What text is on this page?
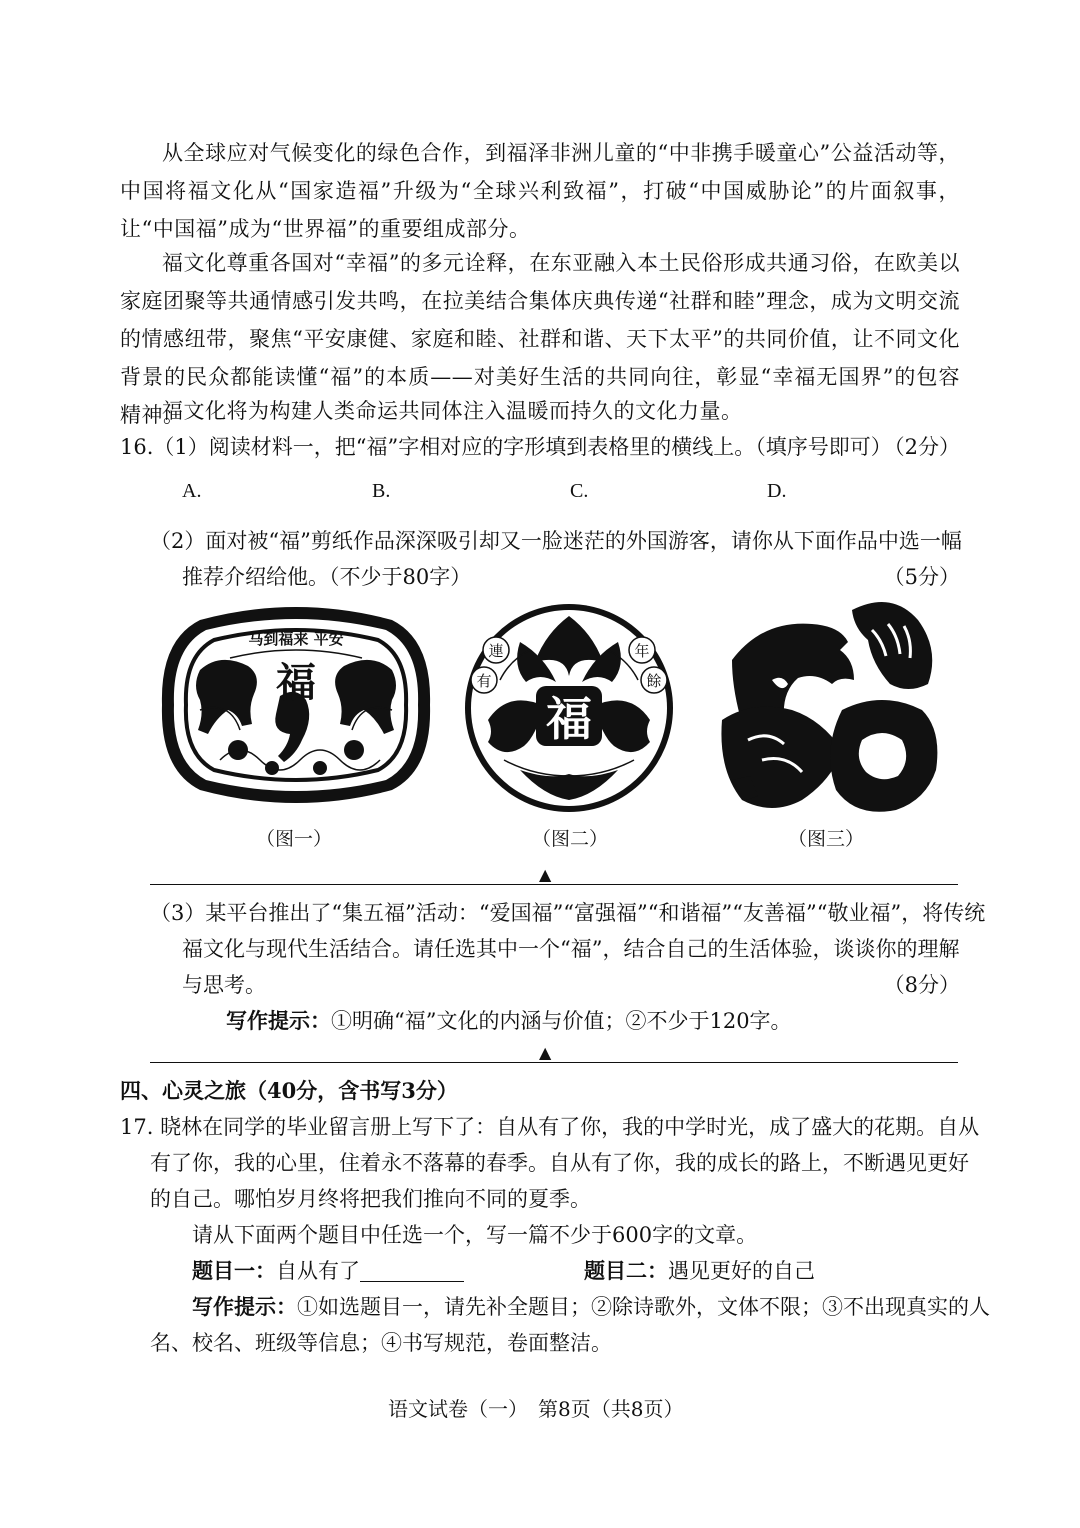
从全球应对气候变化的绿色合作，到福泽非洲儿童的“中非携手暖童心”公益活动等，中国将福文化从“国家造福”升级为“全球兴利致福”，打破“中国威胁论”的片面叙事，让“中国福”成为“世界福”的重要组成部分。
福文化尊重各国对“幸福”的多元诠释，在东亚融入本土民俗形成共通习俗，在欧美以家庭团聚等共通情感引发共鸣，在拉美结合集体庆典传递“社群和睦”理念，成为文明交流的情感纽带，聚焦“平安康健、家庭和睦、社群和谐、天下太平”的共同价值，让不同文化背景的民众都能读懂“福”的本质——对美好生活的共同向往，彰显“幸福无国界”的包容精神。
福文化将为构建人类命运共同体注入温暖而持久的文化力量。
16.（1）阅读材料一，把“福”字相对应的字形填到表格里的横线上。（填序号即可）
（2分）
A.	B.	C.	D.
（2）面对被“福”剪纸作品深深吸引却又一脸迷茫的外国游客，请你从下面作品中选一幅
推荐介绍给他。（不少于80字）	（5分）
马到福来 平安
福
連
有
年
餘
福
（图一）	（图二）	（图三）
▲
（3）某平台推出了“集五福”活动：“爱国福”“富强福”“和谐福”“友善福”“敬业福”，将传统
福文化与现代生活结合。请任选其中一个“福”，结合自己的生活体验，谈谈你的理解
与思考。	（8分）
写作提示：①明确“福”文化的内涵与价值；②不少于120字。
▲
四、心灵之旅（40分，含书写3分）
17. 晓林在同学的毕业留言册上写下了：自从有了你，我的中学时光，成了盛大的花期。自从
有了你，我的心里，住着永不落幕的春季。自从有了你，我的成长的路上，不断遇见更好
的自己。哪怕岁月终将把我们推向不同的夏季。
请从下面两个题目中任选一个，写一篇不少于600字的文章。
题目一：自从有了	题目二：遇见更好的自己
写作提示：①如选题目一，请先补全题目；②除诗歌外，文体不限；③不出现真实的人
名、校名、班级等信息；④书写规范，卷面整洁。
语文试卷（一）　第8页（共8页）
